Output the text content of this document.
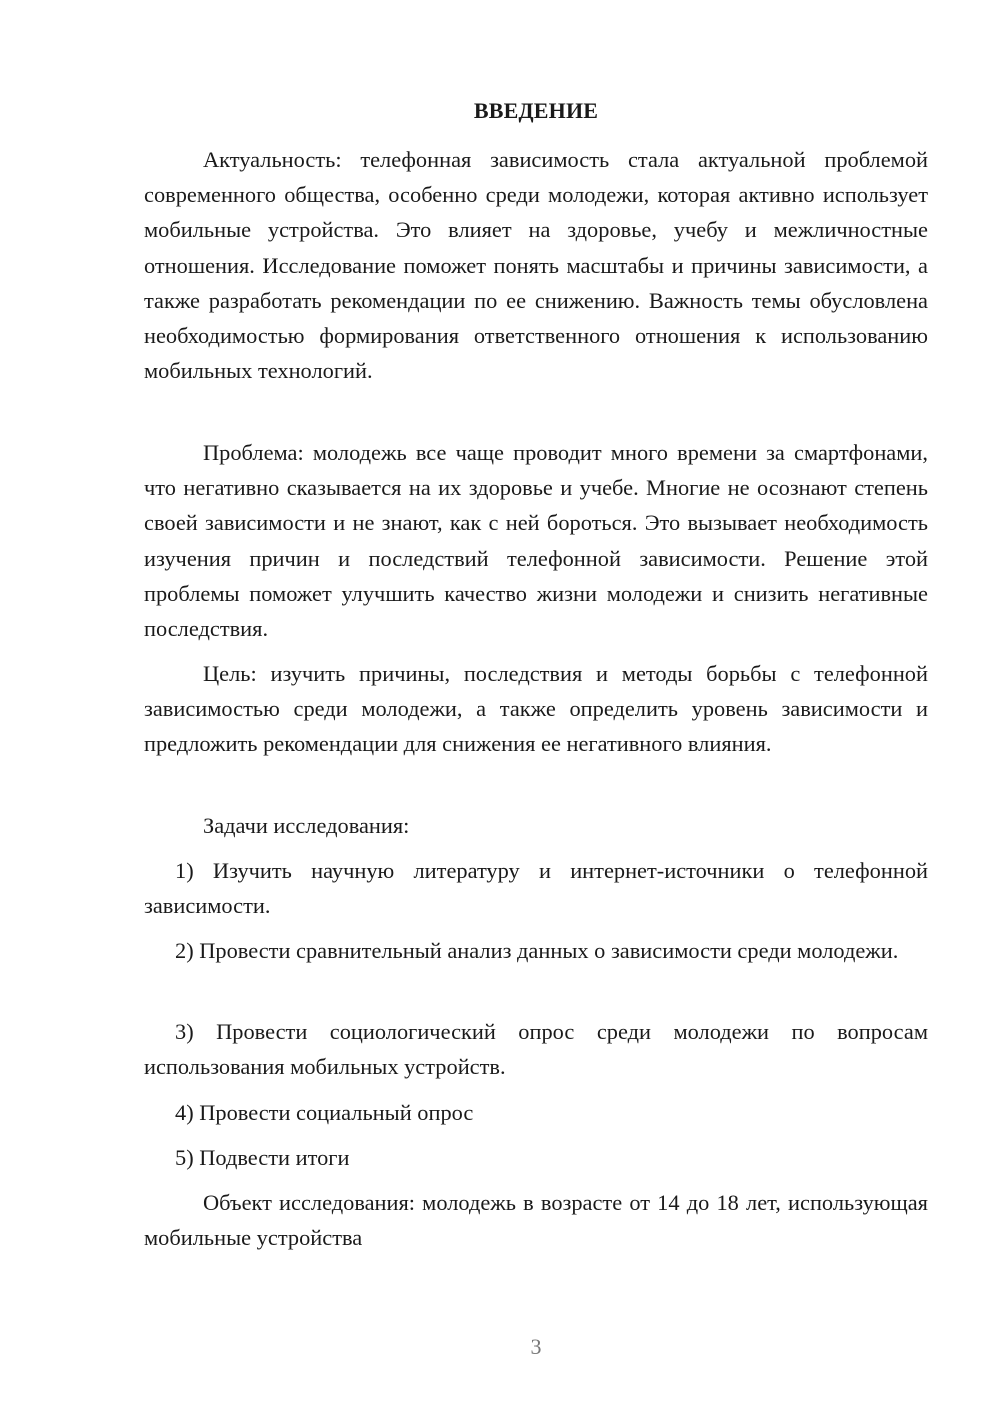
ВВЕДЕНИЕ

Актуальность: телефонная зависимость стала актуальной проблемой современного общества, особенно среди молодежи, которая активно использует мобильные устройства. Это влияет на здоровье, учебу и межличностные отношения. Исследование поможет понять масштабы и причины зависимости, а также разработать рекомендации по ее снижению. Важность темы обусловлена необходимостью формирования ответственного отношения к использованию мобильных технологий.

Проблема: молодежь все чаще проводит много времени за смартфонами, что негативно сказывается на их здоровье и учебе. Многие не осознают степень своей зависимости и не знают, как с ней бороться. Это вызывает необходимость изучения причин и последствий телефонной зависимости. Решение этой проблемы поможет улучшить качество жизни молодежи и снизить негативные последствия.

Цель: изучить причины, последствия и методы борьбы с телефонной зависимостью среди молодежи, а также определить уровень зависимости и предложить рекомендации для снижения ее негативного влияния.

Задачи исследования:

1) Изучить научную литературу и интернет-источники о телефонной зависимости.

2) Провести сравнительный анализ данных о зависимости среди молодежи.

3) Провести социологический опрос среди молодежи по вопросам использования мобильных устройств.

4) Провести социальный опрос

5) Подвести итоги

Объект исследования: молодежь в возрасте от 14 до 18 лет, использующая мобильные устройства

3
